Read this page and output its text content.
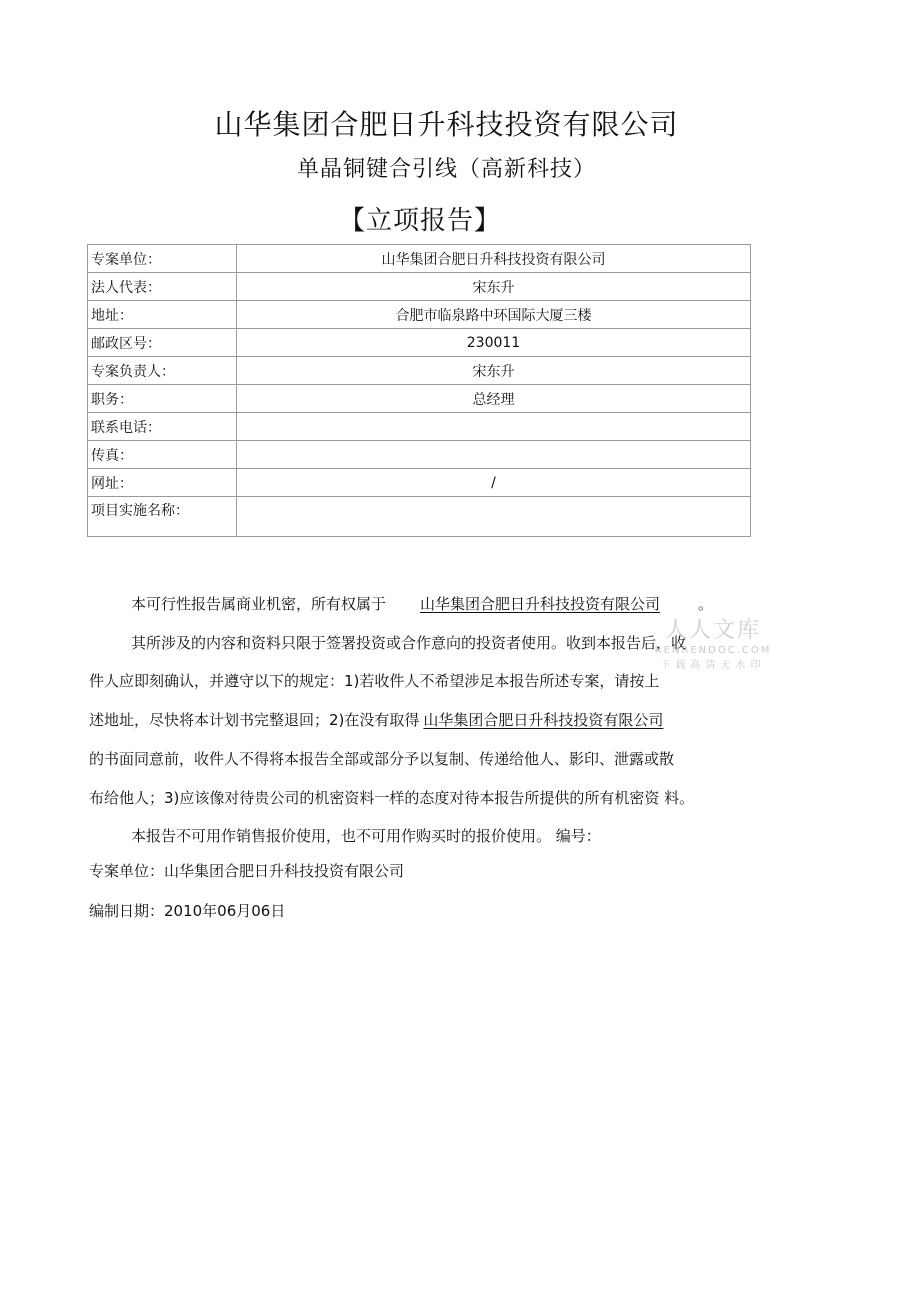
山华集团合肥日升科技投资有限公司
单晶铜键合引线（高新科技）
【立项报告】
专案单位：	山华集团合肥日升科技投资有限公司
法人代表：	宋东升
地址：	合肥市临泉路中环国际大厦三楼
邮政区号：	230011
专案负责人：	宋东升
职务：	总经理
联系电话：	
传真：	
网址：	/
项目实施名称：	
本可行性报告属商业机密，所有权属于 山华集团合肥日升科技投资有限公司	。
其所涉及的内容和资料只限于签署投资或合作意向的投资者使用。收到本报告后，收
件人应即刻确认，并遵守以下的规定：1)若收件人不希望涉足本报告所述专案，请按上
述地址，尽快将本计划书完整退回；2)在没有取得 山华集团合肥日升科技投资有限公司
的书面同意前，收件人不得将本报告全部或部分予以复制、传递给他人、影印、泄露或散
布给他人；3)应该像对待贵公司的机密资料一样的态度对待本报告所提供的所有机密资 料。
本报告不可用作销售报价使用，也不可用作购买时的报价使用。 编号：
专案单位：山华集团合肥日升科技投资有限公司
编制日期：2010年06月06日
人人文库
RENRENDOC.COM
下载高清无水印
